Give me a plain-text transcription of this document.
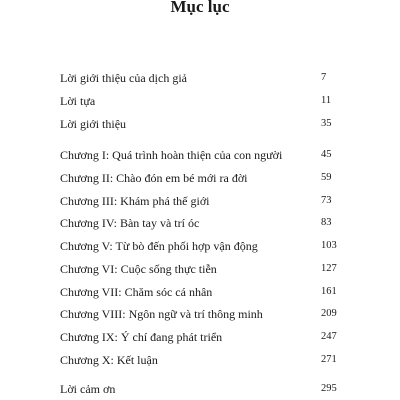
Mục lục
Lời giới thiệu của dịch giả	7
Lời tựa	11
Lời giới thiệu	35
Chương I: Quá trình hoàn thiện của con người	45
Chương II: Chào đón em bé mới ra đời	59
Chương III: Khám phá thế giới	73
Chương IV: Bàn tay và trí óc	83
Chương V: Từ bò đến phối hợp vận động	103
Chương VI: Cuộc sống thực tiễn	127
Chương VII: Chăm sóc cá nhân	161
Chương VIII: Ngôn ngữ và trí thông minh	209
Chương IX: Ý chí đang phát triển	247
Chương X: Kết luận	271
Lời cảm ơn	295
